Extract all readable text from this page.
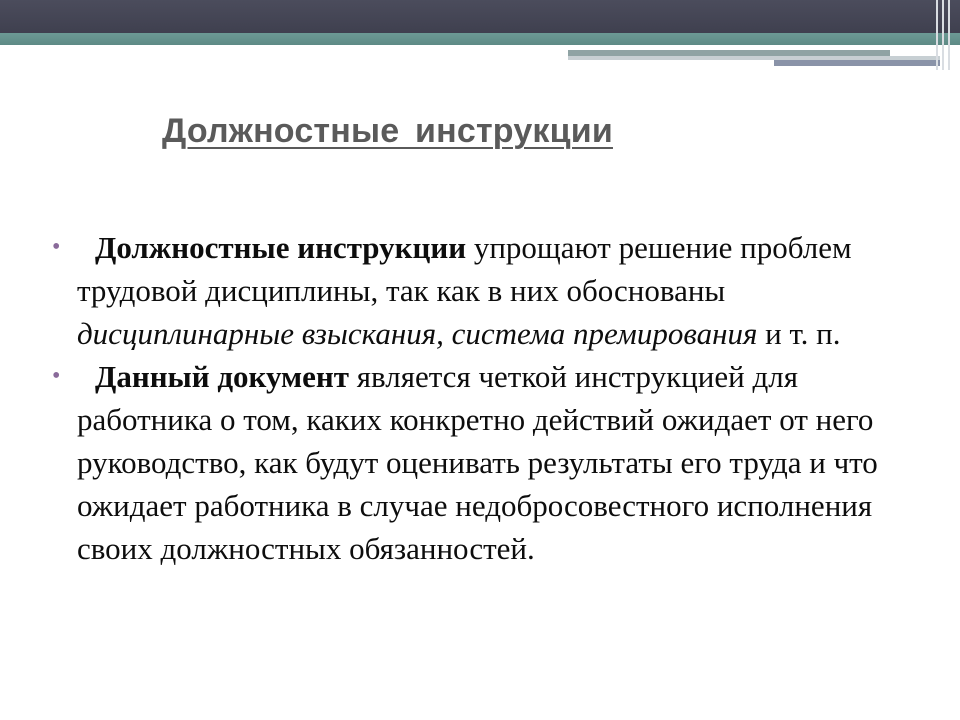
Должностные инструкции

• Должностные инструкции упрощают решение проблем трудовой дисциплины, так как в них обоснованы дисциплинарные взыскания, система премирования и т. п.

• Данный документ является четкой инструкцией для работника о том, каких конкретно действий ожидает от него руководство, как будут оценивать результаты его труда и что ожидает работника в случае недобросовестного исполнения своих должностных обязанностей.
